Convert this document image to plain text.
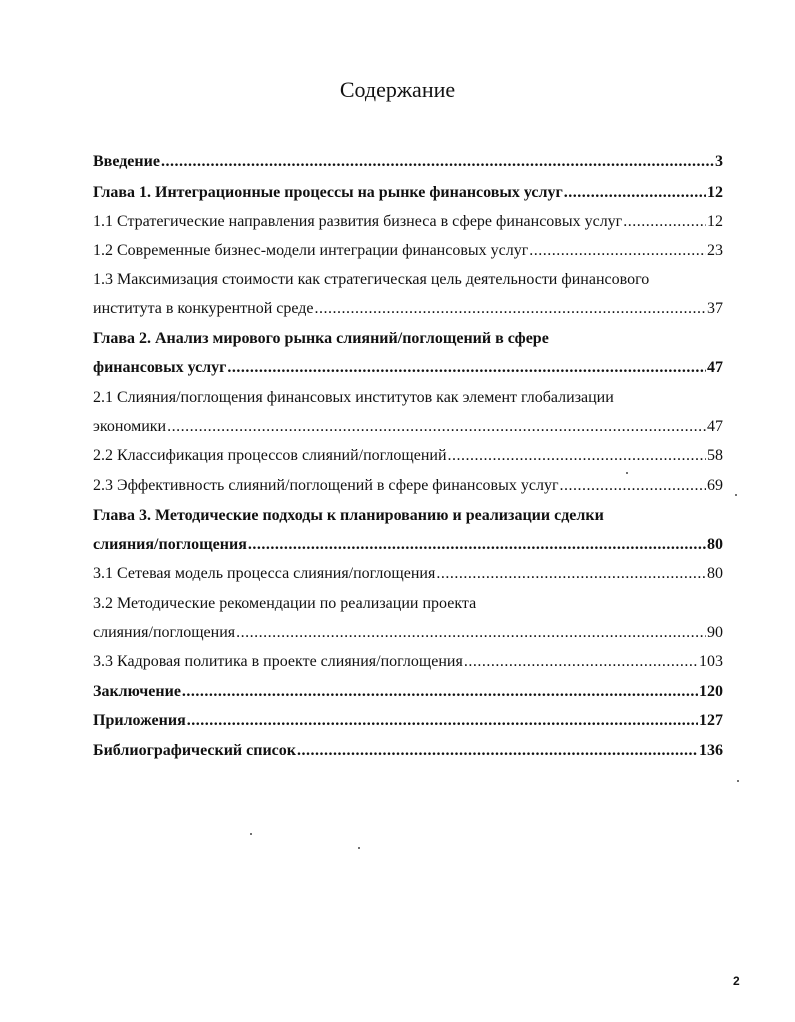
Содержание
Введение .....	3
Глава 1. Интеграционные процессы на рынке финансовых услуг .....	12
1.1 Стратегические направления развития бизнеса в сфере финансовых услуг .....	12
1.2 Современные бизнес-модели интеграции финансовых услуг .....	23
1.3 Максимизация стоимости как стратегическая цель деятельности финансового
института в конкурентной среде .....	37
Глава 2. Анализ мирового рынка слияний/поглощений в сфере
финансовых услуг .....	47
2.1 Слияния/поглощения финансовых институтов как элемент глобализации
экономики .....	47
2.2 Классификация процессов слияний/поглощений .....	58
2.3 Эффективность слияний/поглощений в сфере финансовых услуг .....	69
Глава 3. Методические подходы к планированию и реализации сделки
слияния/поглощения .....	80
3.1 Сетевая модель процесса слияния/поглощения .....	80
3.2 Методические рекомендации по реализации проекта
слияния/поглощения .....	90
3.3 Кадровая политика в проекте слияния/поглощения .....	103
Заключение .....	120
Приложения .....	127
Библиографический список .....	136
2
